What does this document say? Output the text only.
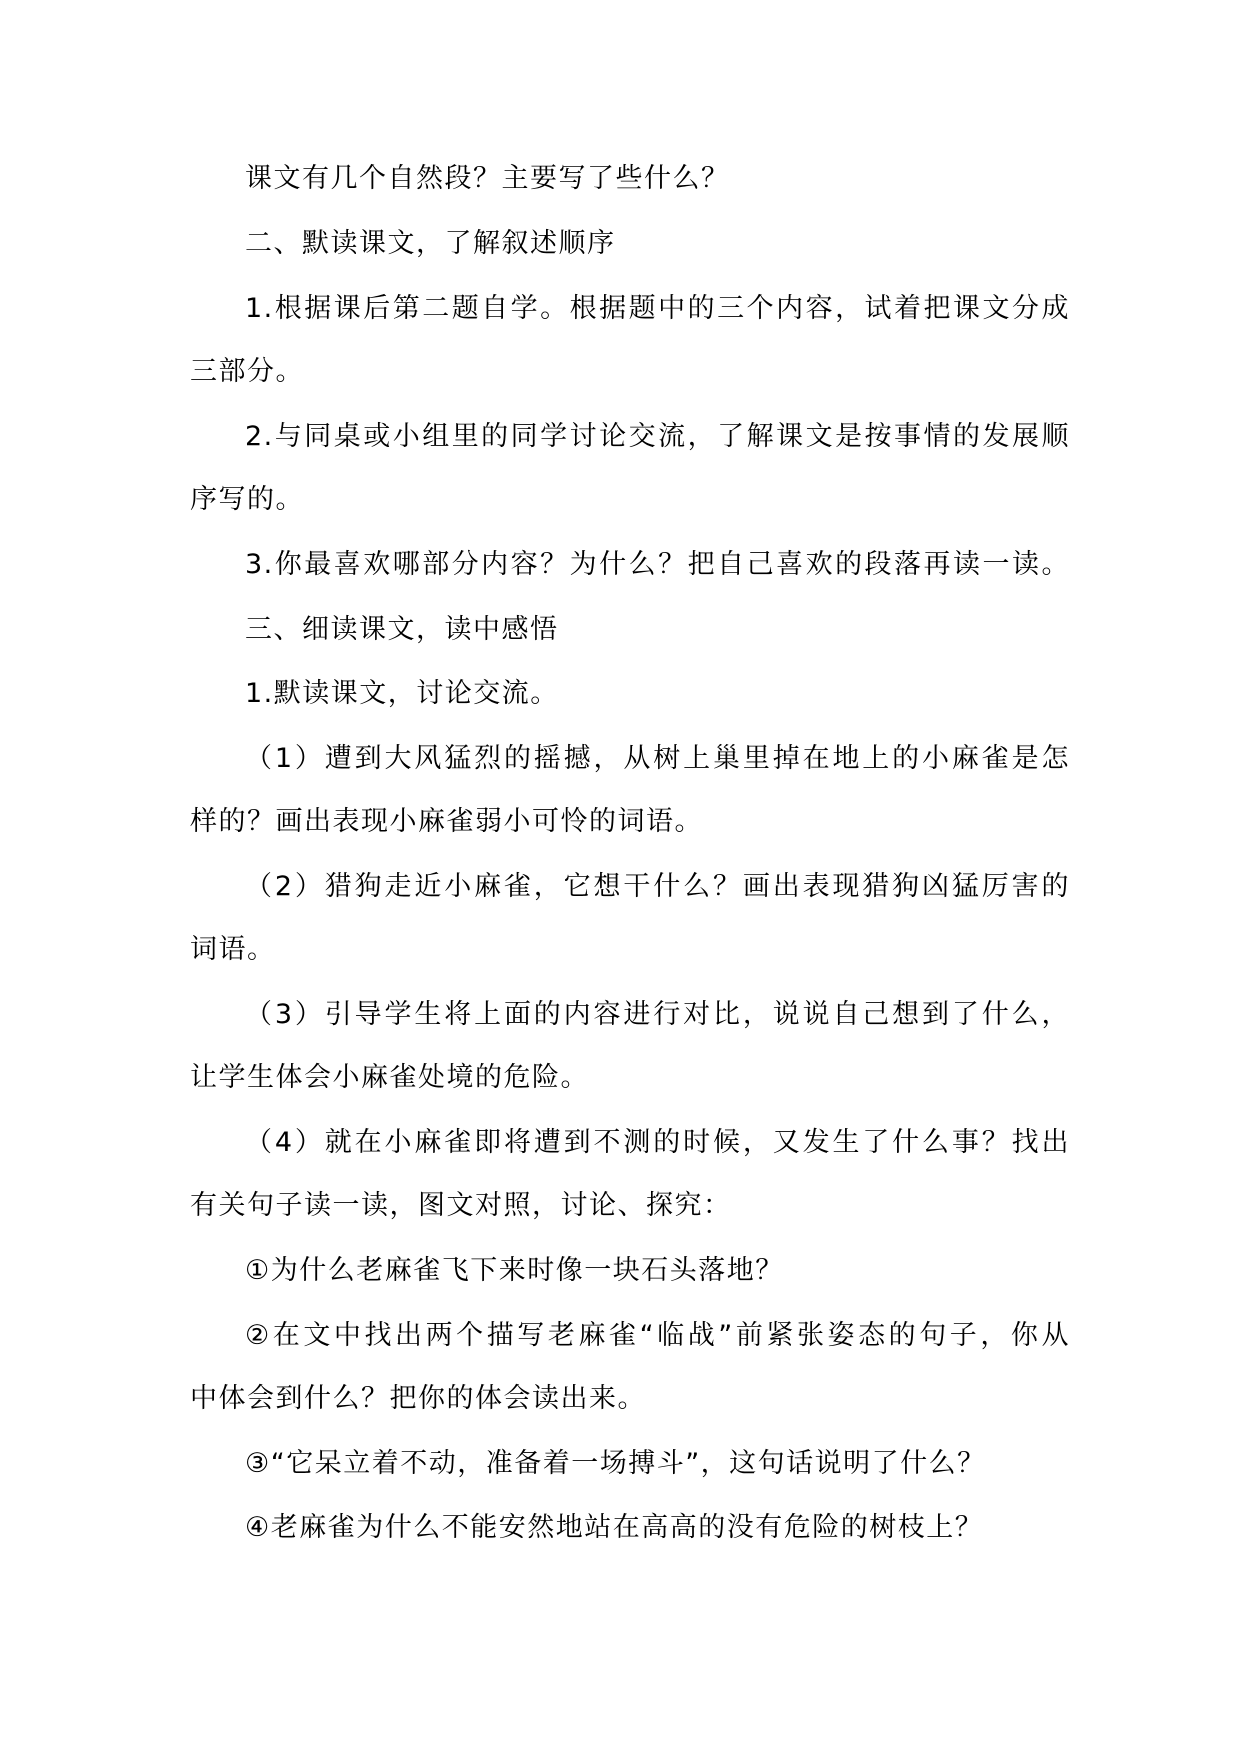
课文有几个自然段？主要写了些什么？
二、默读课文，了解叙述顺序
1.根据课后第二题自学。根据题中的三个内容，试着把课文分成
三部分。
2.与同桌或小组里的同学讨论交流，了解课文是按事情的发展顺
序写的。
3.你最喜欢哪部分内容？为什么？把自己喜欢的段落再读一读。
三、细读课文，读中感悟
1.默读课文，讨论交流。
（1）遭到大风猛烈的摇撼，从树上巢里掉在地上的小麻雀是怎
样的？画出表现小麻雀弱小可怜的词语。
（2）猎狗走近小麻雀，它想干什么？画出表现猎狗凶猛厉害的
词语。
（3）引导学生将上面的内容进行对比，说说自己想到了什么，
让学生体会小麻雀处境的危险。
（4）就在小麻雀即将遭到不测的时候，又发生了什么事？找出
有关句子读一读，图文对照，讨论、探究：
①为什么老麻雀飞下来时像一块石头落地？
②在文中找出两个描写老麻雀“临战”前紧张姿态的句子，你从
中体会到什么？把你的体会读出来。
③“它呆立着不动，准备着一场搏斗”，这句话说明了什么？
④老麻雀为什么不能安然地站在高高的没有危险的树枝上？
